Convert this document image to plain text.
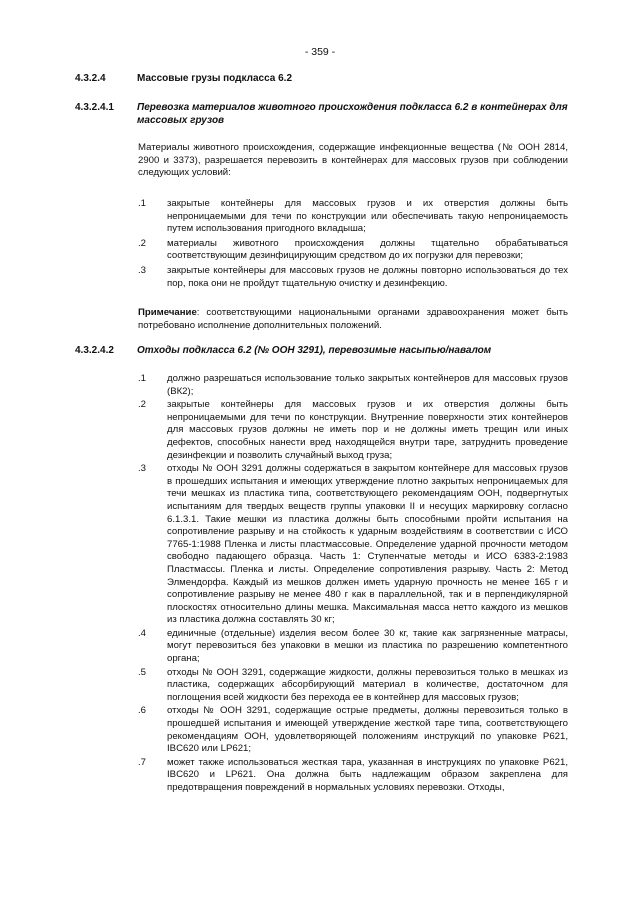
- 359 -
4.3.2.4	Массовые грузы подкласса 6.2
4.3.2.4.1 Перевозка материалов животного происхождения подкласса 6.2 в контейнерах для массовых грузов
Материалы животного происхождения, содержащие инфекционные вещества (№ ООН 2814, 2900 и 3373), разрешается перевозить в контейнерах для массовых грузов при соблюдении следующих условий:
.1 закрытые контейнеры для массовых грузов и их отверстия должны быть непроницаемыми для течи по конструкции или обеспечивать такую непроницаемость путем использования пригодного вкладыша;
.2 материалы животного происхождения должны тщательно обрабатываться соответствующим дезинфицирующим средством до их погрузки для перевозки;
.3 закрытые контейнеры для массовых грузов не должны повторно использоваться до тех пор, пока они не пройдут тщательную очистку и дезинфекцию.
Примечание: соответствующими национальными органами здравоохранения может быть потребовано исполнение дополнительных положений.
4.3.2.4.2 Отходы подкласса 6.2 (№ ООН 3291), перевозимые насыпью/навалом
.1 должно разрешаться использование только закрытых контейнеров для массовых грузов (ВК2);
.2 закрытые контейнеры для массовых грузов и их отверстия должны быть непроницаемыми для течи по конструкции. Внутренние поверхности этих контейнеров для массовых грузов должны не иметь пор и не должны иметь трещин или иных дефектов, способных нанести вред находящейся внутри таре, затруднить проведение дезинфекции и позволить случайный выход груза;
.3 отходы № ООН 3291 должны содержаться в закрытом контейнере для массовых грузов в прошедших испытания и имеющих утверждение плотно закрытых непроницаемых для течи мешках из пластика типа, соответствующего рекомендациям ООН, подвергнутых испытаниям для твердых веществ группы упаковки II и несущих маркировку согласно 6.1.3.1. Такие мешки из пластика должны быть способными пройти испытания на сопротивление разрыву и на стойкость к ударным воздействиям в соответствии с ИСО 7765-1:1988 Пленка и листы пластмассовые. Определение ударной прочности методом свободно падающего образца. Часть 1: Ступенчатые методы и ИСО 6383-2:1983 Пластмассы. Пленка и листы. Определение сопротивления разрыву. Часть 2: Метод Элмендорфа. Каждый из мешков должен иметь ударную прочность не менее 165 г и сопротивление разрыву не менее 480 г как в параллельной, так и в перпендикулярной плоскостях относительно длины мешка. Максимальная масса нетто каждого из мешков из пластика должна составлять 30 кг;
.4 единичные (отдельные) изделия весом более 30 кг, такие как загрязненные матрасы, могут перевозиться без упаковки в мешки из пластика по разрешению компетентного органа;
.5 отходы № ООН 3291, содержащие жидкости, должны перевозиться только в мешках из пластика, содержащих абсорбирующий материал в количестве, достаточном для поглощения всей жидкости без перехода ее в контейнер для массовых грузов;
.6 отходы № ООН 3291, содержащие острые предметы, должны перевозиться только в прошедшей испытания и имеющей утверждение жесткой таре типа, соответствующего рекомендациям ООН, удовлетворяющей положениям инструкций по упаковке P621, IBC620 или LP621;
.7 может также использоваться жесткая тара, указанная в инструкциях по упаковке P621, IBC620 и LP621. Она должна быть надлежащим образом закреплена для предотвращения повреждений в нормальных условиях перевозки. Отходы,
